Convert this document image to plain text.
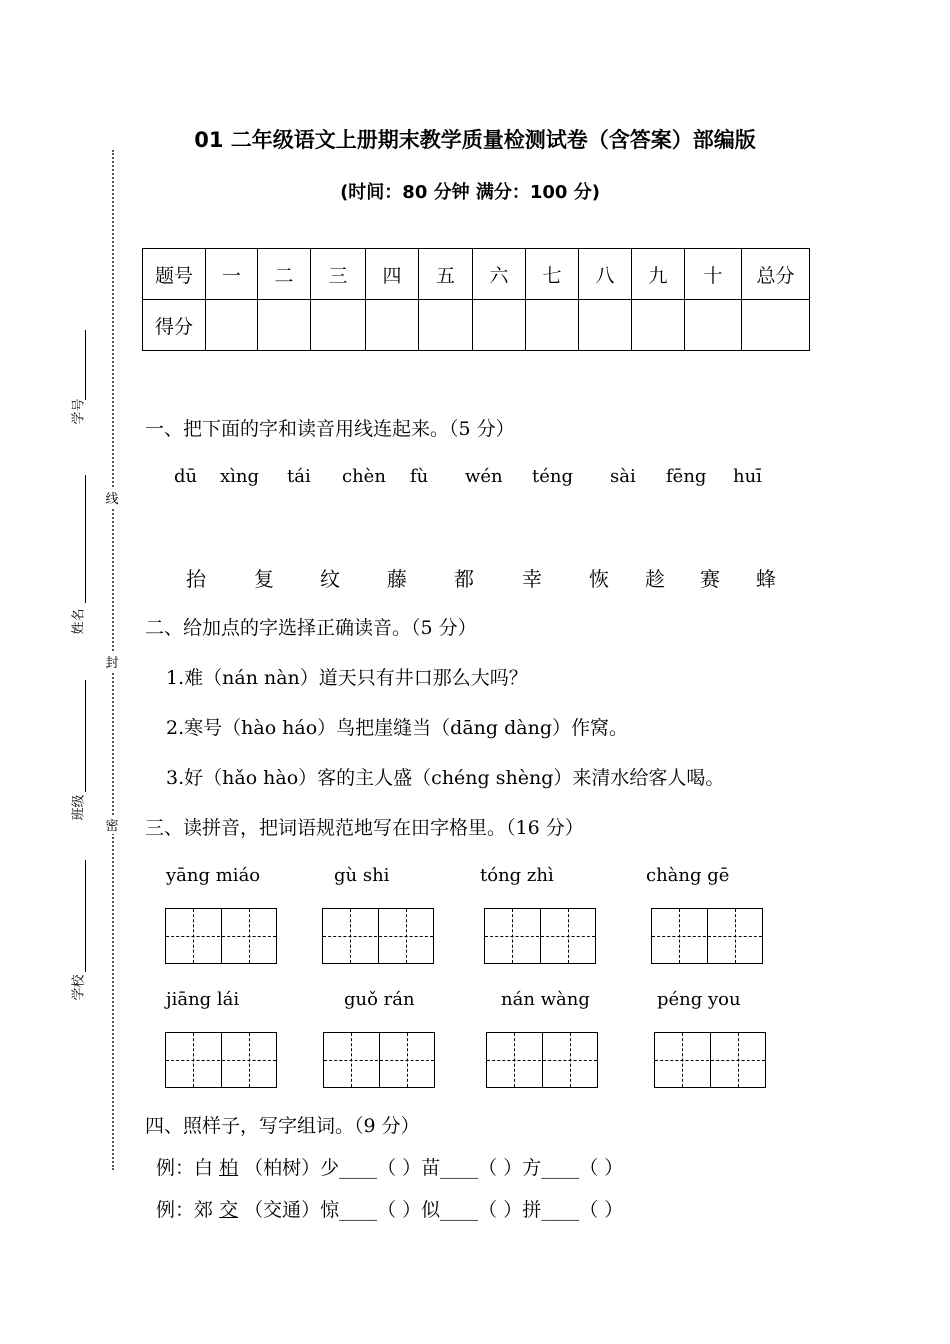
线
封
密
学号
姓名
班级
学校
01 二年级语文上册期末教学质量检测试卷（含答案）部编版
(时间：80 分钟 满分：100 分)
题号	一	二	三	四	五	六	七	八	九	十	总分
得分											
一、把下面的字和读音用线连起来。（5 分）
dū xìng tái chèn fù wén téng sài fēng huī
抬 复 纹 藤 都 幸 恢 趁 赛 蜂
二、给加点的字选择正确读音。（5 分）
1.难（nán nàn）道天只有井口那么大吗？
2.寒号（hào háo）鸟把崖缝当（dāng dàng）作窝。
3.好（hǎo hào）客的主人盛（chéng shèng）来清水给客人喝。
三、读拼音，把词语规范地写在田字格里。（16 分）
yāng miáo	gù shi	tóng zhì	chàng gē
jiāng lái	guǒ rán	nán wàng	péng you
四、照样子，写字组词。（9 分）
例：白 柏 （柏树）少____（ ）苗____（ ）方____（ ）
例：郊 交 （交通）惊____（ ）似____（ ）拼____（ ）
